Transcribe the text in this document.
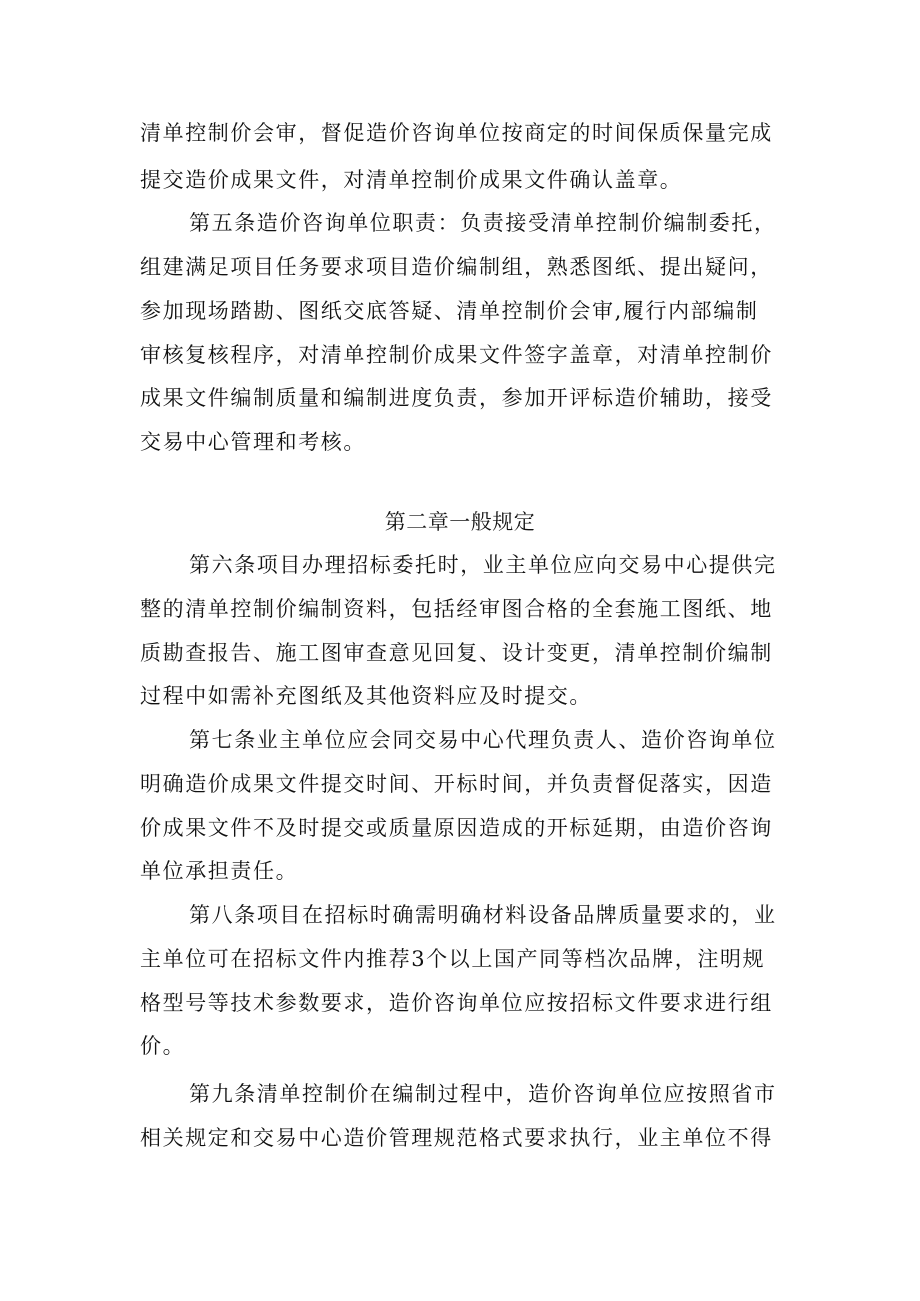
清单控制价会审，督促造价咨询单位按商定的时间保质保量完成
提交造价成果文件，对清单控制价成果文件确认盖章。
第五条造价咨询单位职责：负责接受清单控制价编制委托，
组建满足项目任务要求项目造价编制组，熟悉图纸、提出疑问，
参加现场踏勘、图纸交底答疑、清单控制价会审,履行内部编制
审核复核程序，对清单控制价成果文件签字盖章，对清单控制价
成果文件编制质量和编制进度负责，参加开评标造价辅助，接受
交易中心管理和考核。
第二章一般规定
第六条项目办理招标委托时，业主单位应向交易中心提供完
整的清单控制价编制资料，包括经审图合格的全套施工图纸、地
质勘查报告、施工图审查意见回复、设计变更，清单控制价编制
过程中如需补充图纸及其他资料应及时提交。
第七条业主单位应会同交易中心代理负责人、造价咨询单位
明确造价成果文件提交时间、开标时间，并负责督促落实，因造
价成果文件不及时提交或质量原因造成的开标延期，由造价咨询
单位承担责任。
第八条项目在招标时确需明确材料设备品牌质量要求的，业
主单位可在招标文件内推荐3个以上国产同等档次品牌，注明规
格型号等技术参数要求，造价咨询单位应按招标文件要求进行组
价。
第九条清单控制价在编制过程中，造价咨询单位应按照省市
相关规定和交易中心造价管理规范格式要求执行，业主单位不得
